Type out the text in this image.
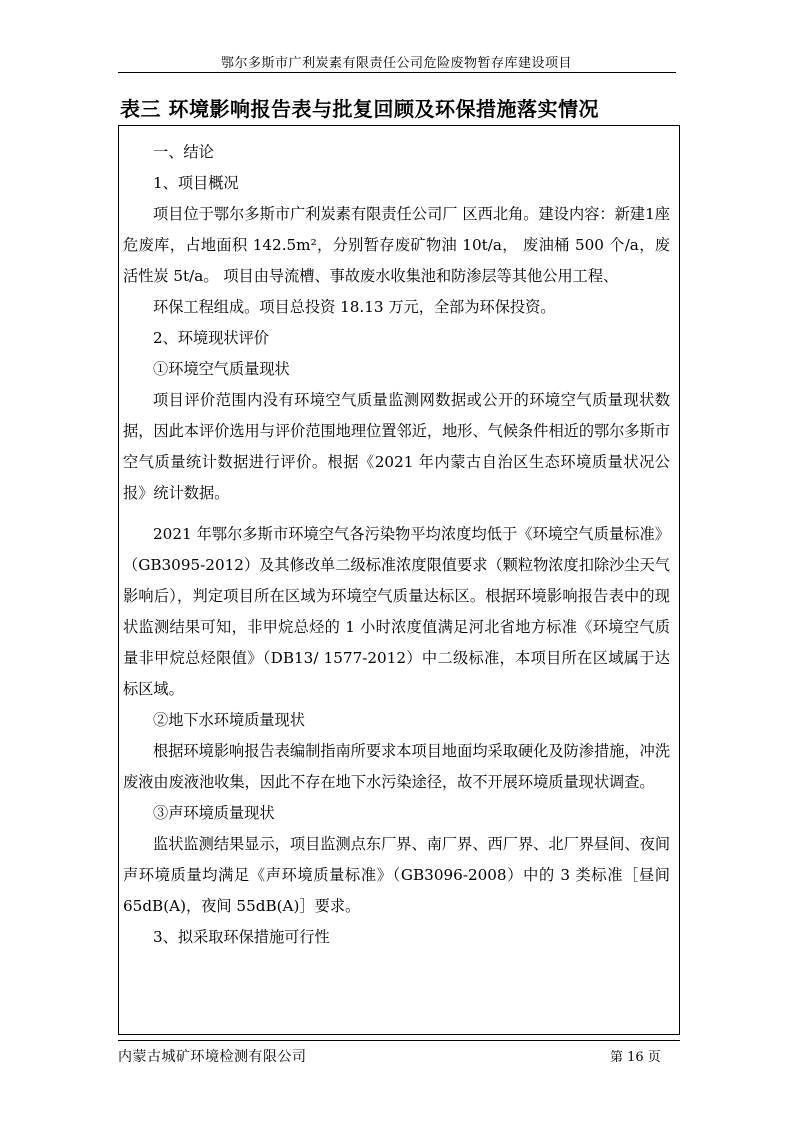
鄂尔多斯市广利炭素有限责任公司危险废物暂存库建设项目
表三 环境影响报告表与批复回顾及环保措施落实情况

一、结论

1、项目概况

项目位于鄂尔多斯市广利炭素有限责任公司厂 区西北角。建设内容：新建1座危废库，占地面积 142.5m²，分别暂存废矿物油 10t/a， 废油桶 500 个/a，废活性炭 5t/a。 项目由导流槽、事故废水收集池和防渗层等其他公用工程、

环保工程组成。项目总投资 18.13 万元，全部为环保投资。

2、环境现状评价

①环境空气质量现状

项目评价范围内没有环境空气质量监测网数据或公开的环境空气质量现状数据，因此本评价选用与评价范围地理位置邻近，地形、气候条件相近的鄂尔多斯市空气质量统计数据进行评价。根据《2021 年内蒙古自治区生态环境质量状况公报》统计数据。

2021 年鄂尔多斯市环境空气各污染物平均浓度均低于《环境空气质量标准》（GB3095-2012）及其修改单二级标准浓度限值要求（颗粒物浓度扣除沙尘天气影响后），判定项目所在区域为环境空气质量达标区。根据环境影响报告表中的现状监测结果可知，非甲烷总烃的 1 小时浓度值满足河北省地方标准《环境空气质量非甲烷总烃限值》（DB13/ 1577-2012）中二级标准，本项目所在区域属于达标区域。

②地下水环境质量现状

根据环境影响报告表编制指南所要求本项目地面均采取硬化及防渗措施，冲洗废液由废液池收集，因此不存在地下水污染途径，故不开展环境质量现状调查。

③声环境质量现状

监状监测结果显示，项目监测点东厂界、南厂界、西厂界、北厂界昼间、夜间声环境质量均满足《声环境质量标准》（GB3096-2008）中的 3 类标准［昼间65dB(A)，夜间 55dB(A)］要求。

3、拟采取环保措施可行性

内蒙古城矿环境检测有限公司	第 16 页
